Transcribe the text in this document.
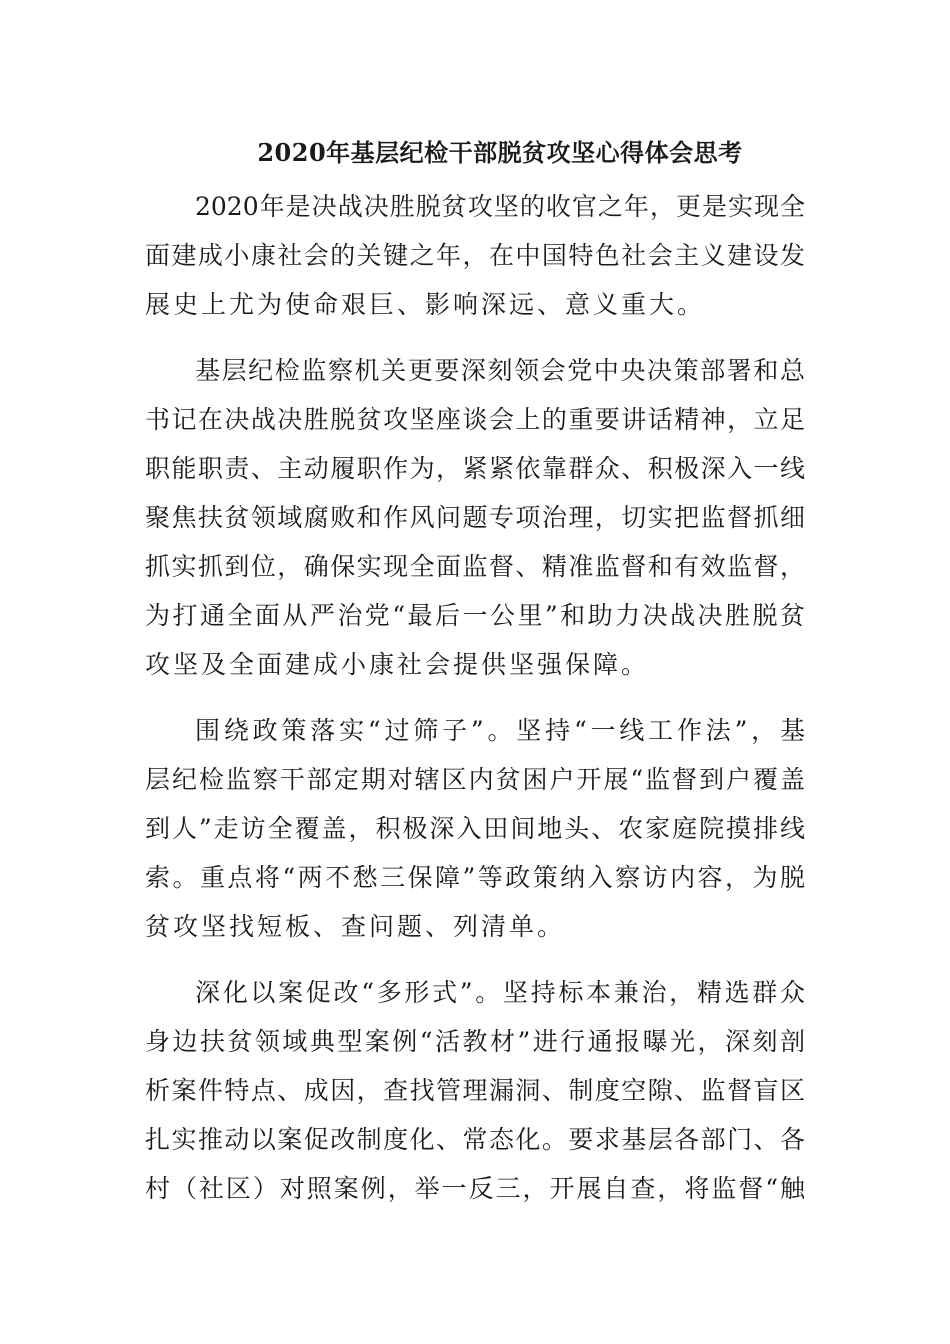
2020年基层纪检干部脱贫攻坚心得体会思考
2020年是决战决胜脱贫攻坚的收官之年，更是实现全
面建成小康社会的关键之年，在中国特色社会主义建设发
展史上尤为使命艰巨、影响深远、意义重大。
基层纪检监察机关更要深刻领会党中央决策部署和总
书记在决战决胜脱贫攻坚座谈会上的重要讲话精神，立足
职能职责、主动履职作为，紧紧依靠群众、积极深入一线
聚焦扶贫领域腐败和作风问题专项治理，切实把监督抓细
抓实抓到位，确保实现全面监督、精准监督和有效监督，
为打通全面从严治党“最后一公里”和助力决战决胜脱贫
攻坚及全面建成小康社会提供坚强保障。
围绕政策落实“过筛子”。坚持“一线工作法”，基
层纪检监察干部定期对辖区内贫困户开展“监督到户覆盖
到人”走访全覆盖，积极深入田间地头、农家庭院摸排线
索。重点将“两不愁三保障”等政策纳入察访内容，为脱
贫攻坚找短板、查问题、列清单。
深化以案促改“多形式”。坚持标本兼治，精选群众
身边扶贫领域典型案例“活教材”进行通报曝光，深刻剖
析案件特点、成因，查找管理漏洞、制度空隙、监督盲区
扎实推动以案促改制度化、常态化。要求基层各部门、各
村（社区）对照案例，举一反三，开展自查，将监督“触
